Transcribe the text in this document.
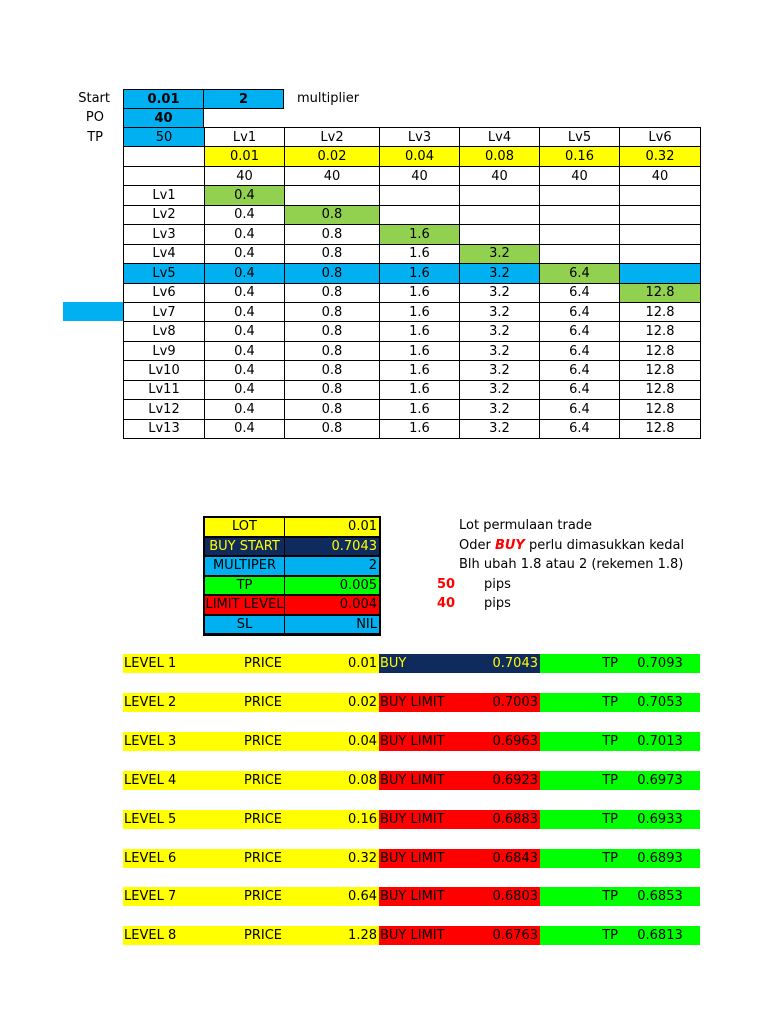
Start	0.01	2	multiplier
PO	40
TP	50	Lv1	Lv2	Lv3	Lv4	Lv5	Lv6
	0.01	0.02	0.04	0.08	0.16	0.32
	40	40	40	40	40	40
Lv1	0.4					
Lv2	0.4	0.8				
Lv3	0.4	0.8	1.6			
Lv4	0.4	0.8	1.6	3.2		
Lv5	0.4	0.8	1.6	3.2	6.4	
Lv6	0.4	0.8	1.6	3.2	6.4	12.8
Lv7	0.4	0.8	1.6	3.2	6.4	12.8
Lv8	0.4	0.8	1.6	3.2	6.4	12.8
Lv9	0.4	0.8	1.6	3.2	6.4	12.8
Lv10	0.4	0.8	1.6	3.2	6.4	12.8
Lv11	0.4	0.8	1.6	3.2	6.4	12.8
Lv12	0.4	0.8	1.6	3.2	6.4	12.8
Lv13	0.4	0.8	1.6	3.2	6.4	12.8
LOT	0.01
BUY START	0.7043
MULTIPER	2
TP	0.005
LIMIT LEVEL	0.004
SL	NIL
Lot permulaan trade
Oder BUY perlu dimasukkan kedal
Blh ubah 1.8 atau 2 (rekemen 1.8)
50 pips
40 pips
LEVEL 1	PRICE	0.01 BUY	0.7043	TP	0.7093
LEVEL 2	PRICE	0.02 BUY LIMIT	0.7003	TP	0.7053
LEVEL 3	PRICE	0.04 BUY LIMIT	0.6963	TP	0.7013
LEVEL 4	PRICE	0.08 BUY LIMIT	0.6923	TP	0.6973
LEVEL 5	PRICE	0.16 BUY LIMIT	0.6883	TP	0.6933
LEVEL 6	PRICE	0.32 BUY LIMIT	0.6843	TP	0.6893
LEVEL 7	PRICE	0.64 BUY LIMIT	0.6803	TP	0.6853
LEVEL 8	PRICE	1.28 BUY LIMIT	0.6763	TP	0.6813
